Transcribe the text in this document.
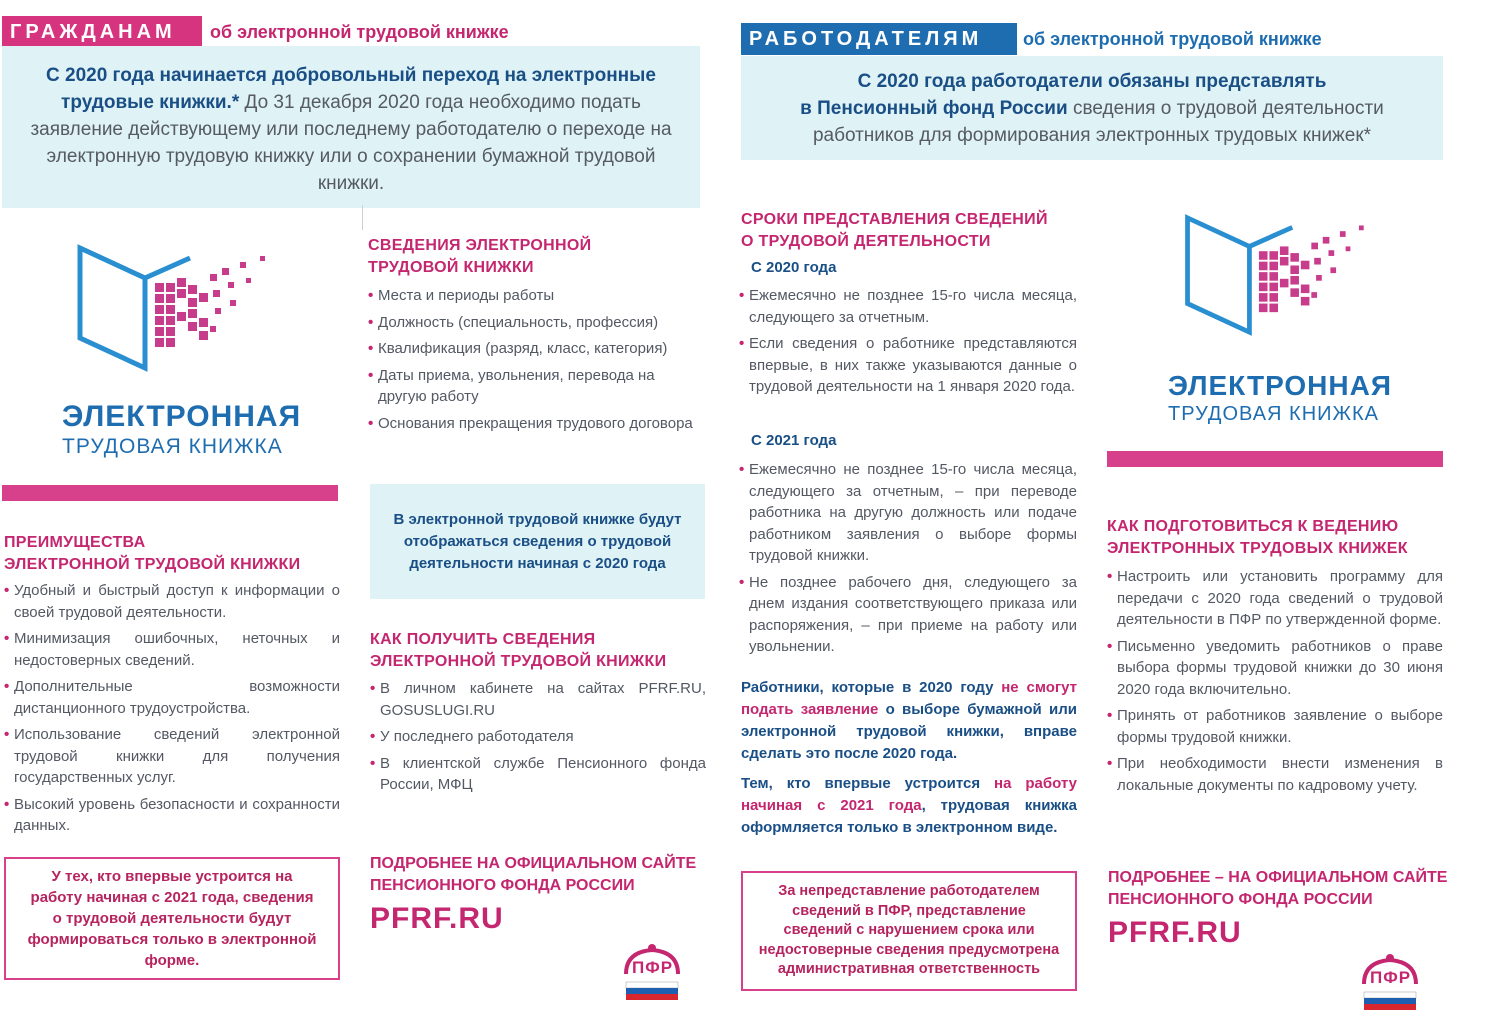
ГРАЖДАНАМ	об электронной трудовой книжке
С 2020 года начинается добровольный переход на электронные трудовые книжки.* До 31 декабря 2020 года необходимо подать заявление действующему или последнему работодателю о переходе на электронную трудовую книжку или о сохранении бумажной трудовой книжки.
ЭЛЕКТРОННАЯ
ТРУДОВАЯ КНИЖКА
ПРЕИМУЩЕСТВА
ЭЛЕКТРОННОЙ ТРУДОВОЙ КНИЖКИ
• Удобный и быстрый доступ к информации о своей трудовой деятельности.
• Минимизация ошибочных, неточных и недостоверных сведений.
• Дополнительные возможности дистанционного трудоустройства.
• Использование сведений электронной трудовой книжки для получения государственных услуг.
• Высокий уровень безопасности и сохранности данных.
У тех, кто впервые устроится на работу начиная с 2021 года, сведения о трудовой деятельности будут формироваться только в электронной форме.
СВЕДЕНИЯ ЭЛЕКТРОННОЙ
ТРУДОВОЙ КНИЖКИ
• Места и периоды работы
• Должность (специальность, профессия)
• Квалификация (разряд, класс, категория)
• Даты приема, увольнения, перевода на другую работу
• Основания прекращения трудового договора
В электронной трудовой книжке будут отображаться сведения о трудовой деятельности начиная с 2020 года
КАК ПОЛУЧИТЬ СВЕДЕНИЯ
ЭЛЕКТРОННОЙ ТРУДОВОЙ КНИЖКИ
• В личном кабинете на сайтах PFRF.RU, GOSUSLUGI.RU
• У последнего работодателя
• В клиентской службе Пенсионного фонда России, МФЦ
ПОДРОБНЕЕ НА ОФИЦИАЛЬНОМ САЙТЕ
ПЕНСИОННОГО ФОНДА РОССИИ
PFRF.RU
ПФР
РАБОТОДАТЕЛЯМ	об электронной трудовой книжке
С 2020 года работодатели обязаны представлять
в Пенсионный фонд России сведения о трудовой деятельности работников для формирования электронных трудовых книжек*
СРОКИ ПРЕДСТАВЛЕНИЯ СВЕДЕНИЙ
О ТРУДОВОЙ ДЕЯТЕЛЬНОСТИ
С 2020 года
• Ежемесячно не позднее 15-го числа месяца, следующего за отчетным.
• Если сведения о работнике представляются впервые, в них также указываются данные о трудовой деятельности на 1 января 2020 года.
С 2021 года
• Ежемесячно не позднее 15-го числа месяца, следующего за отчетным, – при переводе работника на другую должность или подаче работником заявления о выборе формы трудовой книжки.
• Не позднее рабочего дня, следующего за днем издания соответствующего приказа или распоряжения, – при приеме на работу или увольнении.
Работники, которые в 2020 году не смогут подать заявление о выборе бумажной или электронной трудовой книжки, вправе сделать это после 2020 года.
Тем, кто впервые устроится на работу начиная с 2021 года, трудовая книжка оформляется только в электронном виде.
За непредставление работодателем сведений в ПФР, представление сведений с нарушением срока или недостоверные сведения предусмотрена административная ответственность
ЭЛЕКТРОННАЯ
ТРУДОВАЯ КНИЖКА
КАК ПОДГОТОВИТЬСЯ К ВЕДЕНИЮ
ЭЛЕКТРОННЫХ ТРУДОВЫХ КНИЖЕК
• Настроить или установить программу для передачи с 2020 года сведений о трудовой деятельности в ПФР по утвержденной форме.
• Письменно уведомить работников о праве выбора формы трудовой книжки до 30 июня 2020 года включительно.
• Принять от работников заявление о выборе формы трудовой книжки.
• При необходимости внести изменения в локальные документы по кадровому учету.
ПОДРОБНЕЕ – НА ОФИЦИАЛЬНОМ САЙТЕ
ПЕНСИОННОГО ФОНДА РОССИИ
PFRF.RU
ПФР
